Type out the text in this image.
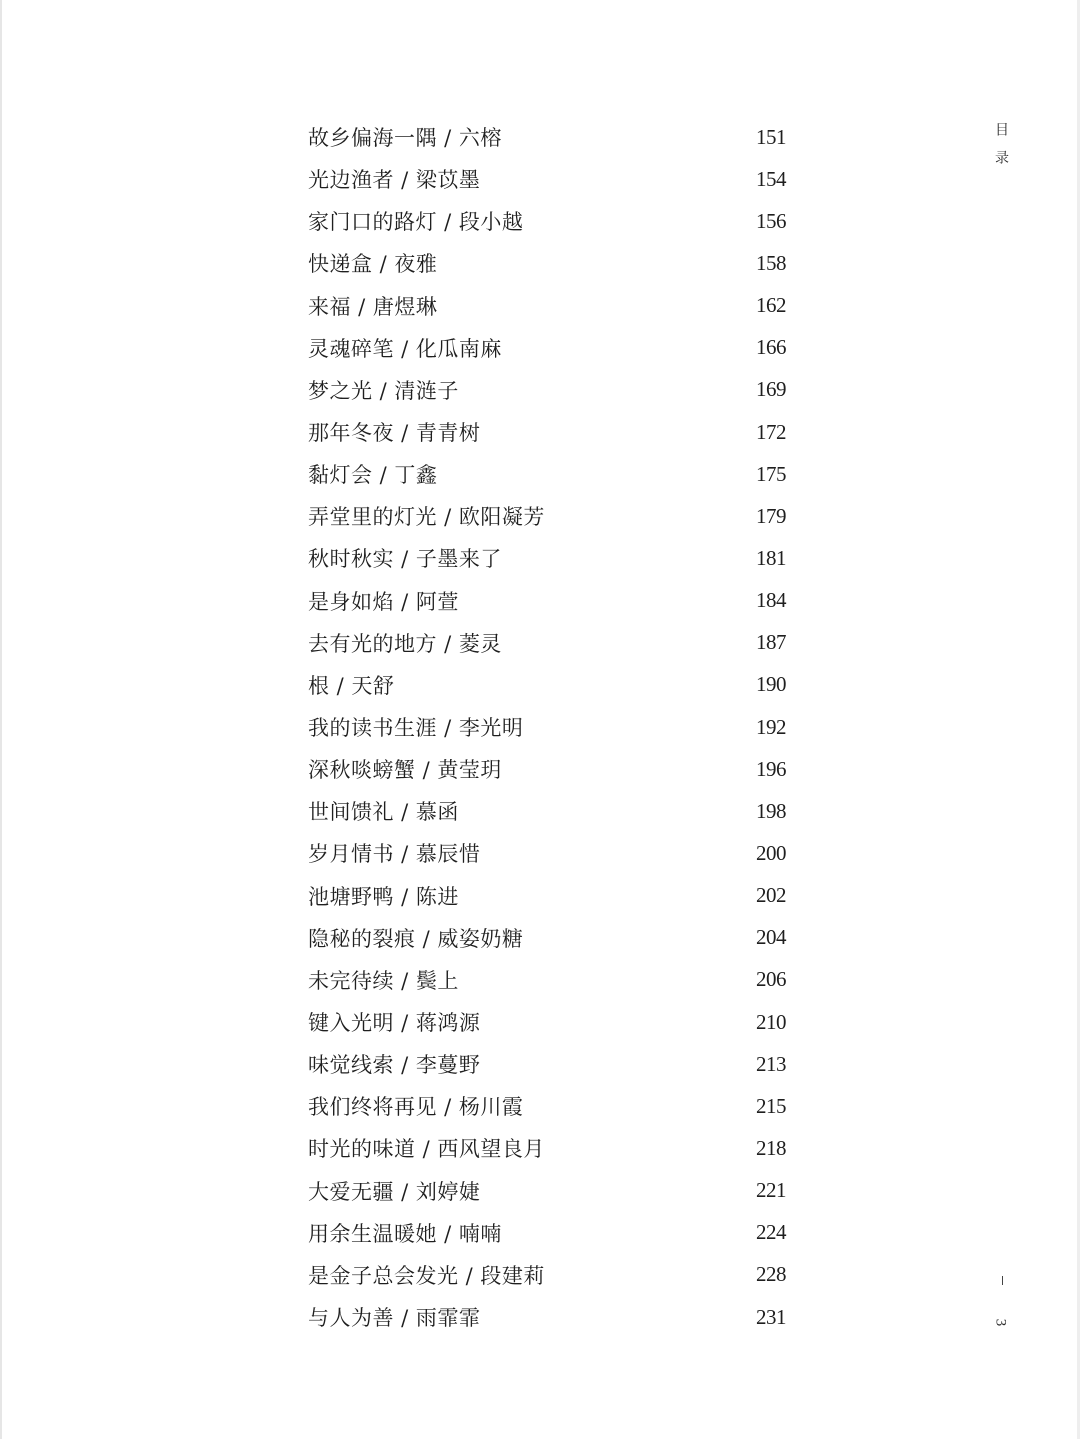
故乡偏海一隅 / 六榕	151
光边渔者 / 梁苡墨	154
家门口的路灯 / 段小越	156
快递盒 / 夜雅	158
来福 / 唐煜琳	162
灵魂碎笔 / 化瓜南麻	166
梦之光 / 清涟子	169
那年冬夜 / 青青树	172
黏灯会 / 丁鑫	175
弄堂里的灯光 / 欧阳凝芳	179
秋时秋实 / 子墨来了	181
是身如焰 / 阿萱	184
去有光的地方 / 菱灵	187
根 / 天舒	190
我的读书生涯 / 李光明	192
深秋啖螃蟹 / 黄莹玥	196
世间馈礼 / 慕函	198
岁月情书 / 慕辰惜	200
池塘野鸭 / 陈进	202
隐秘的裂痕 / 威姿奶糖	204
未完待续 / 鬓上	206
键入光明 / 蒋鸿源	210
味觉线索 / 李蔓野	213
我们终将再见 / 杨川霞	215
时光的味道 / 西风望良月	218
大爱无疆 / 刘婷婕	221
用余生温暖她 / 喃喃	224
是金子总会发光 / 段建莉	228
与人为善 / 雨霏霏	231
目录
3
